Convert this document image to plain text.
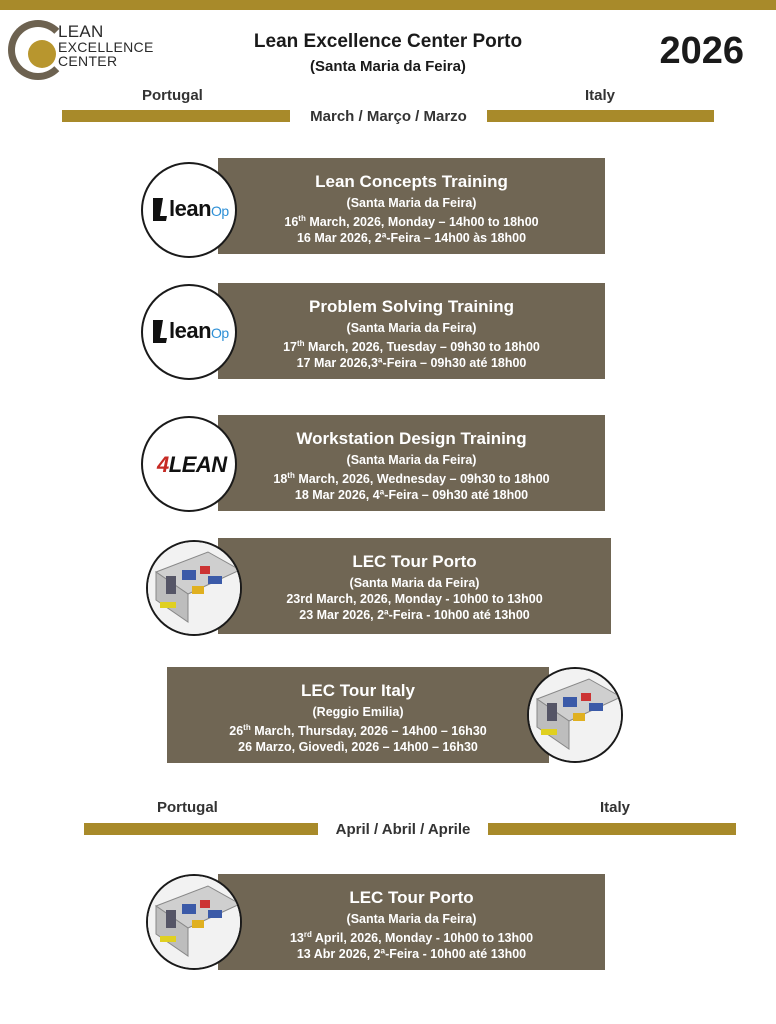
LEAN
EXCELLENCE
CENTER
Lean Excellence Center Porto
(Santa Maria da Feira)	2026
Portugal	Italy
March / Março / Marzo
Lean Concepts Training
(Santa Maria da Feira)
16th March, 2026, Monday – 14h00 to 18h00
16 Mar 2026, 2ª-Feira – 14h00 às 18h00
leanOp
Problem Solving Training
(Santa Maria da Feira)
17th March, 2026, Tuesday – 09h30 to 18h00
17 Mar 2026,3ª-Feira – 09h30 até 18h00
leanOp
Workstation Design Training
(Santa Maria da Feira)
18th March, 2026, Wednesday – 09h30 to 18h00
18 Mar 2026, 4ª-Feira – 09h30 até 18h00
4LEAN
LEC Tour Porto
(Santa Maria da Feira)
23rd March, 2026, Monday - 10h00 to 13h00
23 Mar 2026, 2ª-Feira - 10h00 até 13h00
LEC Tour Italy
(Reggio Emilia)
26th March, Thursday, 2026 – 14h00 – 16h30
26 Marzo, Giovedì, 2026 – 14h00 – 16h30
Portugal	Italy
April / Abril / Aprile
LEC Tour Porto
(Santa Maria da Feira)
13rd April, 2026, Monday - 10h00 to 13h00
13 Abr 2026, 2ª-Feira - 10h00 até 13h00
